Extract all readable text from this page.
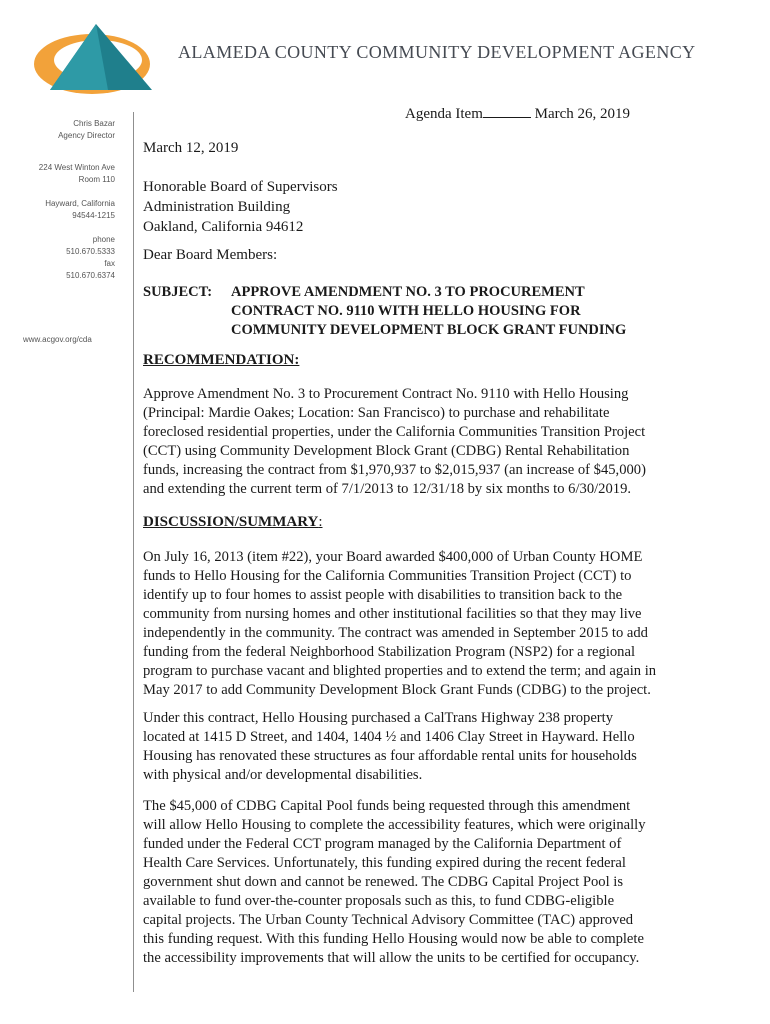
ALAMEDA COUNTY COMMUNITY DEVELOPMENT AGENCY
Chris Bazar
Agency Director
224 West Winton Ave
Room 110
Hayward, California
94544-1215
phone
510.670.5333
fax
510.670.6374
www.acgov.org/cda
Agenda Item	March 26, 2019
March 12, 2019
Honorable Board of Supervisors
Administration Building
Oakland, California 94612
Dear Board Members:
SUBJECT: APPROVE AMENDMENT NO. 3 TO PROCUREMENT
CONTRACT NO. 9110 WITH HELLO HOUSING FOR
COMMUNITY DEVELOPMENT BLOCK GRANT FUNDING
RECOMMENDATION:

Approve Amendment No. 3 to Procurement Contract No. 9110 with Hello Housing
(Principal: Mardie Oakes; Location: San Francisco) to purchase and rehabilitate
foreclosed residential properties, under the California Communities Transition Project
(CCT) using Community Development Block Grant (CDBG) Rental Rehabilitation
funds, increasing the contract from $1,970,937 to $2,015,937 (an increase of $45,000)
and extending the current term of 7/1/2013 to 12/31/18 by six months to 6/30/2019.

DISCUSSION/SUMMARY:

On July 16, 2013 (item #22), your Board awarded $400,000 of Urban County HOME
funds to Hello Housing for the California Communities Transition Project (CCT) to
identify up to four homes to assist people with disabilities to transition back to the
community from nursing homes and other institutional facilities so that they may live
independently in the community. The contract was amended in September 2015 to add
funding from the federal Neighborhood Stabilization Program (NSP2) for a regional
program to purchase vacant and blighted properties and to extend the term; and again in
May 2017 to add Community Development Block Grant Funds (CDBG) to the project.

Under this contract, Hello Housing purchased a CalTrans Highway 238 property
located at 1415 D Street, and 1404, 1404 ½ and 1406 Clay Street in Hayward. Hello
Housing has renovated these structures as four affordable rental units for households
with physical and/or developmental disabilities.

The $45,000 of CDBG Capital Pool funds being requested through this amendment
will allow Hello Housing to complete the accessibility features, which were originally
funded under the Federal CCT program managed by the California Department of
Health Care Services. Unfortunately, this funding expired during the recent federal
government shut down and cannot be renewed. The CDBG Capital Project Pool is
available to fund over-the-counter proposals such as this, to fund CDBG-eligible
capital projects. The Urban County Technical Advisory Committee (TAC) approved
this funding request. With this funding Hello Housing would now be able to complete
the accessibility improvements that will allow the units to be certified for occupancy.
